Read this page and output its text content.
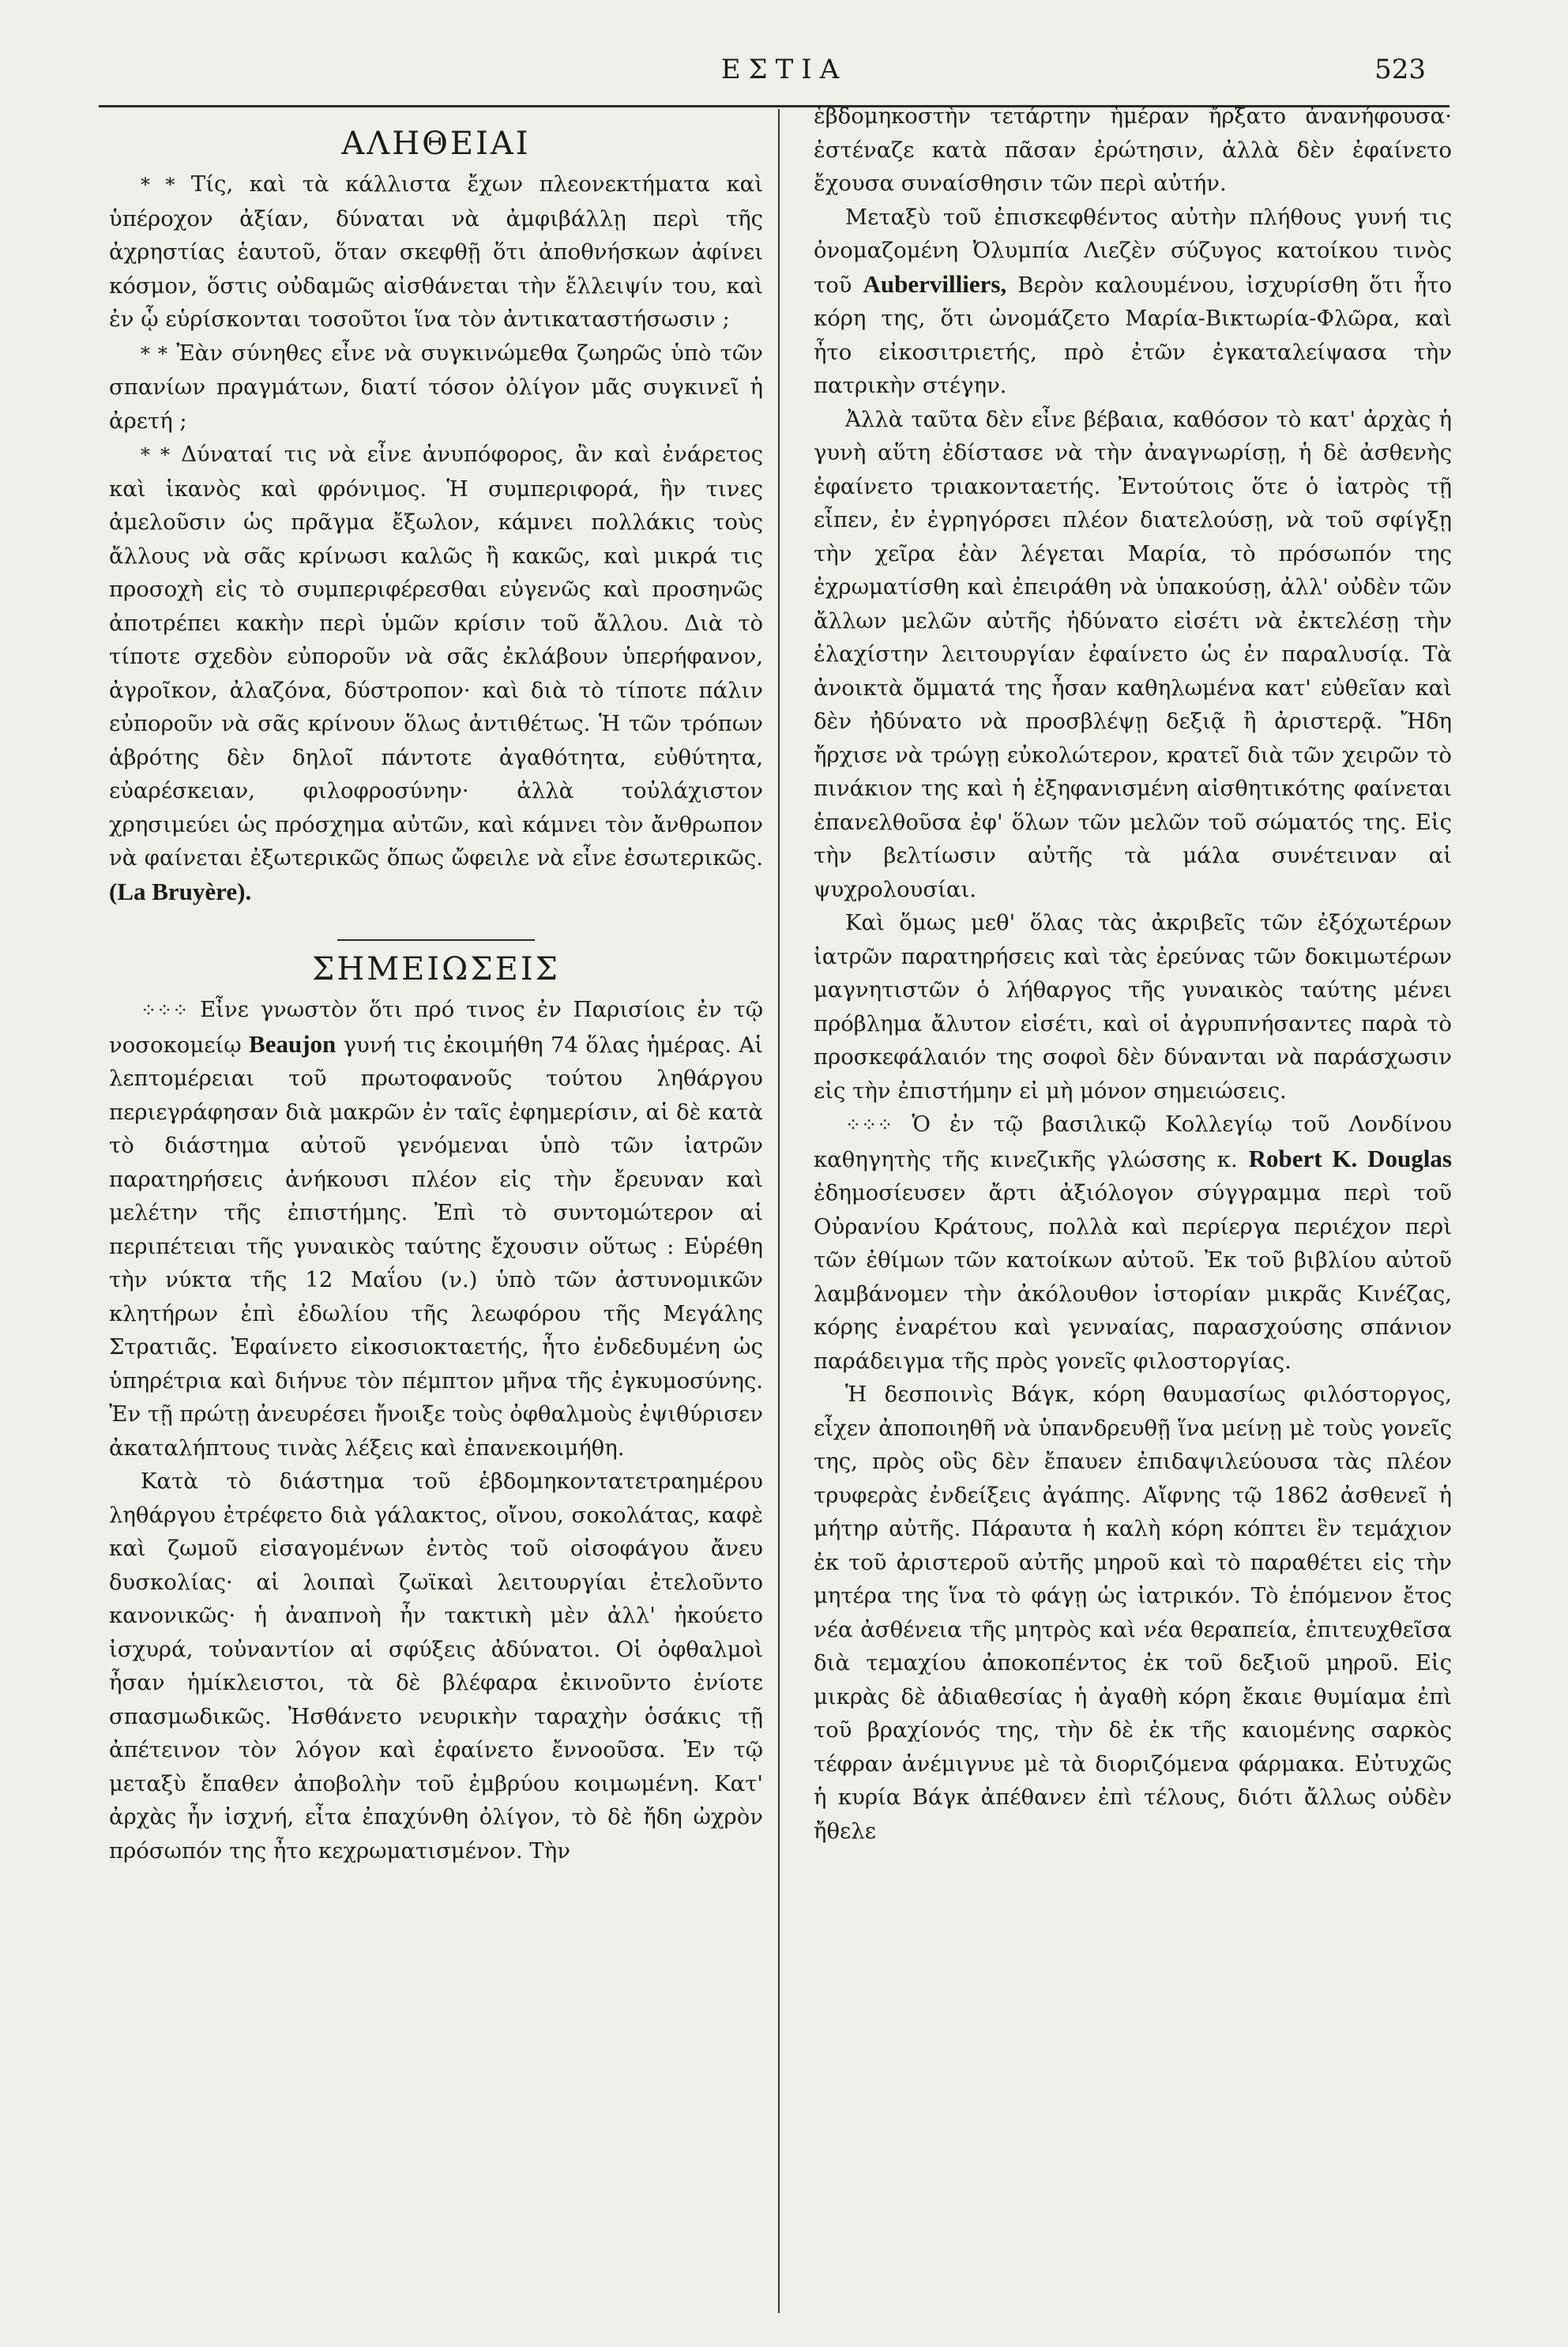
ΕΣΤΙΑ	523
ΑΛΗΘΕΙΑΙ

* * Τίς, καὶ τὰ κάλλιστα ἔχων πλεονεκτήματα καὶ ὑπέροχον ἀξίαν, δύναται νὰ ἀμφιβάλλῃ περὶ τῆς ἀχρηστίας ἑαυτοῦ, ὅταν σκεφθῇ ὅτι ἀποθνήσκων ἀφίνει κόσμον, ὅστις οὐδαμῶς αἰσθάνεται τὴν ἔλλειψίν του, καὶ ἐν ᾧ εὑρίσκονται τοσοῦτοι ἵνα τὸν ἀντικαταστήσωσιν ;

* * Ἐὰν σύνηθες εἶνε νὰ συγκινώμεθα ζωηρῶς ὑπὸ τῶν σπανίων πραγμάτων, διατί τόσον ὀλίγον μᾶς συγκινεῖ ἡ ἀρετή ;

* * Δύναταί τις νὰ εἶνε ἀνυπόφορος, ἂν καὶ ἐνάρετος καὶ ἱκανὸς καὶ φρόνιμος. Ἡ συμπεριφορά, ἣν τινες ἀμελοῦσιν ὡς πρᾶγμα ἔξωλον, κάμνει πολλάκις τοὺς ἄλλους νὰ σᾶς κρίνωσι καλῶς ἢ κακῶς, καὶ μικρά τις προσοχὴ εἰς τὸ συμπεριφέρεσθαι εὐγενῶς καὶ προσηνῶς ἀποτρέπει κακὴν περὶ ὑμῶν κρίσιν τοῦ ἄλλου. Διὰ τὸ τίποτε σχεδὸν εὐποροῦν νὰ σᾶς ἐκλάβουν ὑπερήφανον, ἀγροῖκον, ἀλαζόνα, δύστροπον· καὶ διὰ τὸ τίποτε πάλιν εὐποροῦν νὰ σᾶς κρίνουν ὅλως ἀντιθέτως. Ἡ τῶν τρόπων ἁβρότης δὲν δηλοῖ πάντοτε ἀγαθότητα, εὐθύτητα, εὐαρέσκειαν, φιλοφροσύνην· ἀλλὰ τοὐλάχιστον χρησιμεύει ὡς πρόσχημα αὐτῶν, καὶ κάμνει τὸν ἄνθρωπον νὰ φαίνεται ἐξωτερικῶς ὅπως ὤφειλε νὰ εἶνε ἐσωτερικῶς. (La Bruyère).

ΣΗΜΕΙΩΣΕΙΣ

⁘⁘⁘ Εἶνε γνωστὸν ὅτι πρό τινος ἐν Παρισίοις ἐν τῷ νοσοκομείῳ Beaujon γυνή τις ἐκοιμήθη 74 ὅλας ἡμέρας. Αἱ λεπτομέρειαι τοῦ πρωτοφανοῦς τούτου ληθάργου περιεγράφησαν διὰ μακρῶν ἐν ταῖς ἐφημερίσιν, αἱ δὲ κατὰ τὸ διάστημα αὐτοῦ γενόμεναι ὑπὸ τῶν ἰατρῶν παρατηρήσεις ἀνήκουσι πλέον εἰς τὴν ἔρευναν καὶ μελέτην τῆς ἐπιστήμης. Ἐπὶ τὸ συντομώτερον αἱ περιπέτειαι τῆς γυναικὸς ταύτης ἔχουσιν οὕτως : Εὑρέθη τὴν νύκτα τῆς 12 Μαΐου (ν.) ὑπὸ τῶν ἀστυνομικῶν κλητήρων ἐπὶ ἐδωλίου τῆς λεωφόρου τῆς Μεγάλης Στρατιᾶς. Ἐφαίνετο εἰκοσιοκταετής, ἦτο ἐνδεδυμένη ὡς ὑπηρέτρια καὶ διήνυε τὸν πέμπτον μῆνα τῆς ἐγκυμοσύνης. Ἐν τῇ πρώτῃ ἀνευρέσει ἤνοιξε τοὺς ὀφθαλμοὺς ἐψιθύρισεν ἀκαταλήπτους τινὰς λέξεις καὶ ἐπανεκοιμήθη.

Κατὰ τὸ διάστημα τοῦ ἑβδομηκοντατετραημέρου ληθάργου ἐτρέφετο διὰ γάλακτος, οἴνου, σοκολάτας, καφὲ καὶ ζωμοῦ εἰσαγομένων ἐντὸς τοῦ οἰσοφάγου ἄνευ δυσκολίας· αἱ λοιπαὶ ζωϊκαὶ λειτουργίαι ἐτελοῦντο κανονικῶς· ἡ ἀναπνοὴ ἦν τακτικὴ μὲν ἀλλ' ἠκούετο ἰσχυρά, τοὐναντίον αἱ σφύξεις ἀδύνατοι. Οἱ ὀφθαλμοὶ ἦσαν ἡμίκλειστοι, τὰ δὲ βλέφαρα ἐκινοῦντο ἐνίοτε σπασμωδικῶς. Ἠσθάνετο νευρικὴν ταραχὴν ὁσάκις τῇ ἀπέτεινον τὸν λόγον καὶ ἐφαίνετο ἔννοοῦσα. Ἐν τῷ μεταξὺ ἔπαθεν ἀποβολὴν τοῦ ἐμβρύου κοιμωμένη. Κατ' ἀρχὰς ἦν ἰσχνή, εἶτα ἐπαχύνθη ὀλίγον, τὸ δὲ ἤδη ὠχρὸν πρόσωπόν της ἦτο κεχρωματισμένον. Τὴν

ἑβδομηκοστὴν τετάρτην ἡμέραν ἤρξατο ἀνανήφουσα· ἐστέναζε κατὰ πᾶσαν ἐρώτησιν, ἀλλὰ δὲν ἐφαίνετο ἔχουσα συναίσθησιν τῶν περὶ αὐτήν.

Μεταξὺ τοῦ ἐπισκεφθέντος αὐτὴν πλήθους γυνή τις ὀνομαζομένη Ὀλυμπία Λιεζὲν σύζυγος κατοίκου τινὸς τοῦ Aubervilliers, Βερὸν καλουμένου, ἰσχυρίσθη ὅτι ἦτο κόρη της, ὅτι ὠνομάζετο Μαρία-Βικτωρία-Φλῶρα, καὶ ἦτο εἰκοσιτριετής, πρὸ ἐτῶν ἐγκαταλείψασα τὴν πατρικὴν στέγην.

Ἀλλὰ ταῦτα δὲν εἶνε βέβαια, καθόσον τὸ κατ' ἀρχὰς ἡ γυνὴ αὕτη ἐδίστασε νὰ τὴν ἀναγνωρίσῃ, ἡ δὲ ἀσθενὴς ἐφαίνετο τριακονταετής. Ἐντούτοις ὅτε ὁ ἰατρὸς τῇ εἶπεν, ἐν ἐγρηγόρσει πλέον διατελούσῃ, νὰ τοῦ σφίγξῃ τὴν χεῖρα ἐὰν λέγεται Μαρία, τὸ πρόσωπόν της ἐχρωματίσθη καὶ ἐπειράθη νὰ ὑπακούσῃ, ἀλλ' οὐδὲν τῶν ἄλλων μελῶν αὐτῆς ἠδύνατο εἰσέτι νὰ ἐκτελέσῃ τὴν ἐλαχίστην λειτουργίαν ἐφαίνετο ὡς ἐν παραλυσίᾳ. Τὰ ἀνοικτὰ ὄμματά της ἦσαν καθηλωμένα κατ' εὐθεῖαν καὶ δὲν ἠδύνατο νὰ προσβλέψῃ δεξιᾷ ἢ ἀριστερᾷ. Ἤδη ἤρχισε νὰ τρώγῃ εὐκολώτερον, κρατεῖ διὰ τῶν χειρῶν τὸ πινάκιον της καὶ ἡ ἐξηφανισμένη αἰσθητικότης φαίνεται ἐπανελθοῦσα ἐφ' ὅλων τῶν μελῶν τοῦ σώματός της. Εἰς τὴν βελτίωσιν αὐτῆς τὰ μάλα συνέτειναν αἱ ψυχρολουσίαι.

Καὶ ὅμως μεθ' ὅλας τὰς ἀκριβεῖς τῶν ἐξόχωτέρων ἰατρῶν παρατηρήσεις καὶ τὰς ἐρεύνας τῶν δοκιμωτέρων μαγνητιστῶν ὁ λήθαργος τῆς γυναικὸς ταύτης μένει πρόβλημα ἄλυτον εἰσέτι, καὶ οἱ ἀγρυπνήσαντες παρὰ τὸ προσκεφάλαιόν της σοφοὶ δὲν δύνανται νὰ παράσχωσιν εἰς τὴν ἐπιστήμην εἰ μὴ μόνον σημειώσεις.

⁘⁘⁘ Ὁ ἐν τῷ βασιλικῷ Κολλεγίῳ τοῦ Λονδίνου καθηγητὴς τῆς κινεζικῆς γλώσσης κ. Robert K. Douglas ἐδημοσίευσεν ἄρτι ἀξιόλογον σύγγραμμα περὶ τοῦ Οὐρανίου Κράτους, πολλὰ καὶ περίεργα περιέχον περὶ τῶν ἐθίμων τῶν κατοίκων αὐτοῦ. Ἐκ τοῦ βιβλίου αὐτοῦ λαμβάνομεν τὴν ἀκόλουθον ἱστορίαν μικρᾶς Κινέζας, κόρης ἐναρέτου καὶ γενναίας, παρασχούσης σπάνιον παράδειγμα τῆς πρὸς γονεῖς φιλοστοργίας.

Ἡ δεσποινὶς Βάγκ, κόρη θαυμασίως φιλόστοργος, εἶχεν ἀποποιηθῆ νὰ ὑπανδρευθῇ ἵνα μείνῃ μὲ τοὺς γονεῖς της, πρὸς οὓς δὲν ἔπαυεν ἐπιδαψιλεύουσα τὰς πλέον τρυφερὰς ἐνδείξεις ἀγάπης. Αἴφνης τῷ 1862 ἀσθενεῖ ἡ μήτηρ αὐτῆς. Πάραυτα ἡ καλὴ κόρη κόπτει ἓν τεμάχιον ἐκ τοῦ ἀριστεροῦ αὐτῆς μηροῦ καὶ τὸ παραθέτει εἰς τὴν μητέρα της ἵνα τὸ φάγῃ ὡς ἰατρικόν. Τὸ ἑπόμενον ἔτος νέα ἀσθένεια τῆς μητρὸς καὶ νέα θεραπεία, ἐπιτευχθεῖσα διὰ τεμαχίου ἀποκοπέντος ἐκ τοῦ δεξιοῦ μηροῦ. Εἰς μικρὰς δὲ ἀδιαθεσίας ἡ ἀγαθὴ κόρη ἔκαιε θυμίαμα ἐπὶ τοῦ βραχίονός της, τὴν δὲ ἐκ τῆς καιομένης σαρκὸς τέφραν ἀνέμιγνυε μὲ τὰ διοριζόμενα φάρμακα. Εὐτυχῶς ἡ κυρία Βάγκ ἀπέθανεν ἐπὶ τέλους, διότι ἄλλως οὐδὲν ἤθελε
